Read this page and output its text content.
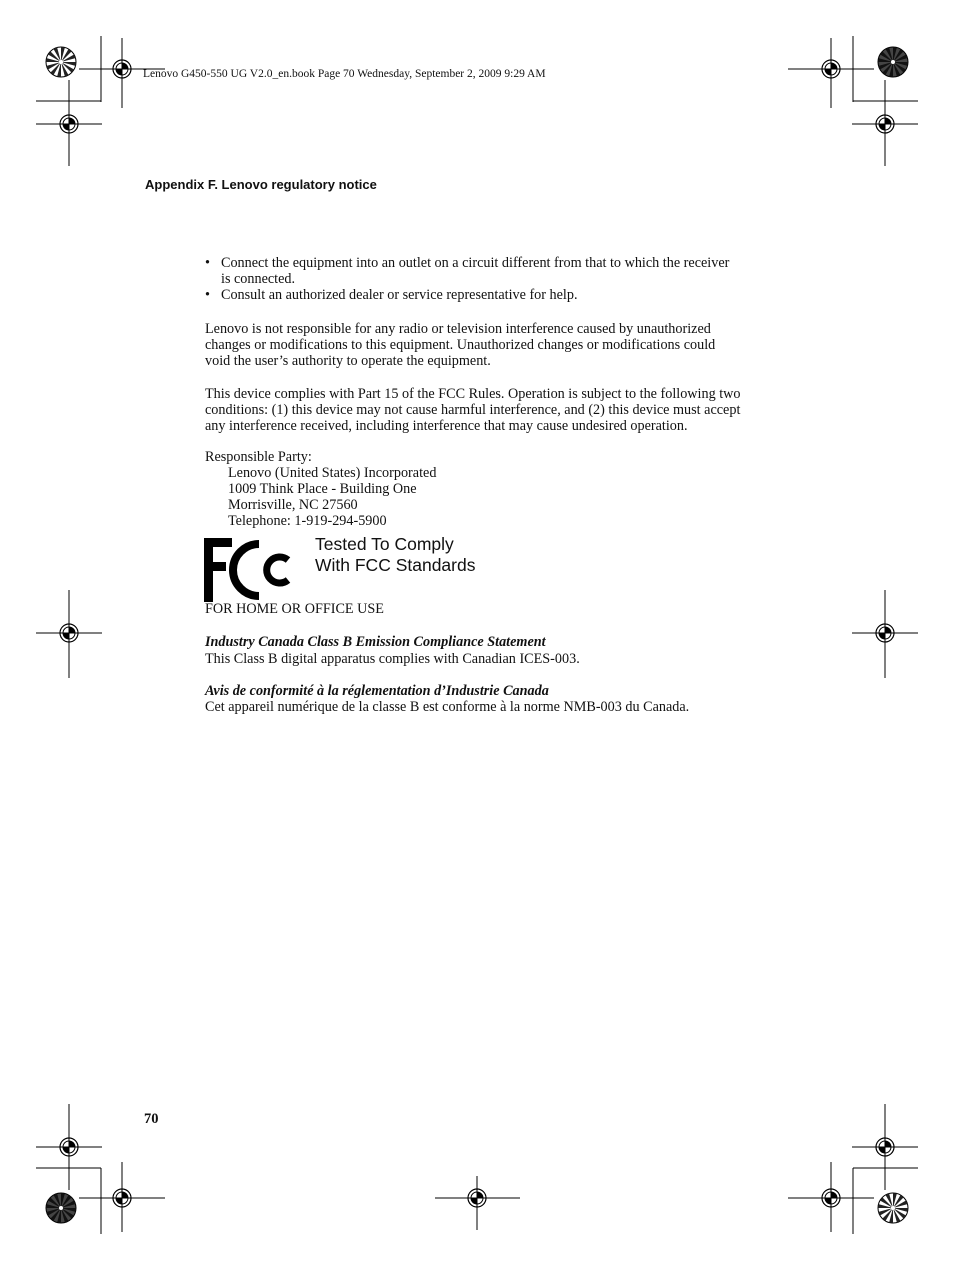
Lenovo G450-550 UG V2.0_en.book Page 70 Wednesday, September 2, 2009 9:29 AM
Appendix F. Lenovo regulatory notice
• Connect the equipment into an outlet on a circuit different from that to which the receiver
is connected.
• Consult an authorized dealer or service representative for help.
Lenovo is not responsible for any radio or television interference caused by unauthorized
changes or modifications to this equipment. Unauthorized changes or modifications could
void the user’s authority to operate the equipment.
This device complies with Part 15 of the FCC Rules. Operation is subject to the following two
conditions: (1) this device may not cause harmful interference, and (2) this device must accept
any interference received, including interference that may cause undesired operation.
Responsible Party:
Lenovo (United States) Incorporated
1009 Think Place - Building One
Morrisville, NC 27560
Telephone: 1-919-294-5900
Tested To Comply
With FCC Standards
FOR HOME OR OFFICE USE
Industry Canada Class B Emission Compliance Statement
This Class B digital apparatus complies with Canadian ICES-003.
Avis de conformité à la réglementation d’Industrie Canada
Cet appareil numérique de la classe B est conforme à la norme NMB-003 du Canada.
70
